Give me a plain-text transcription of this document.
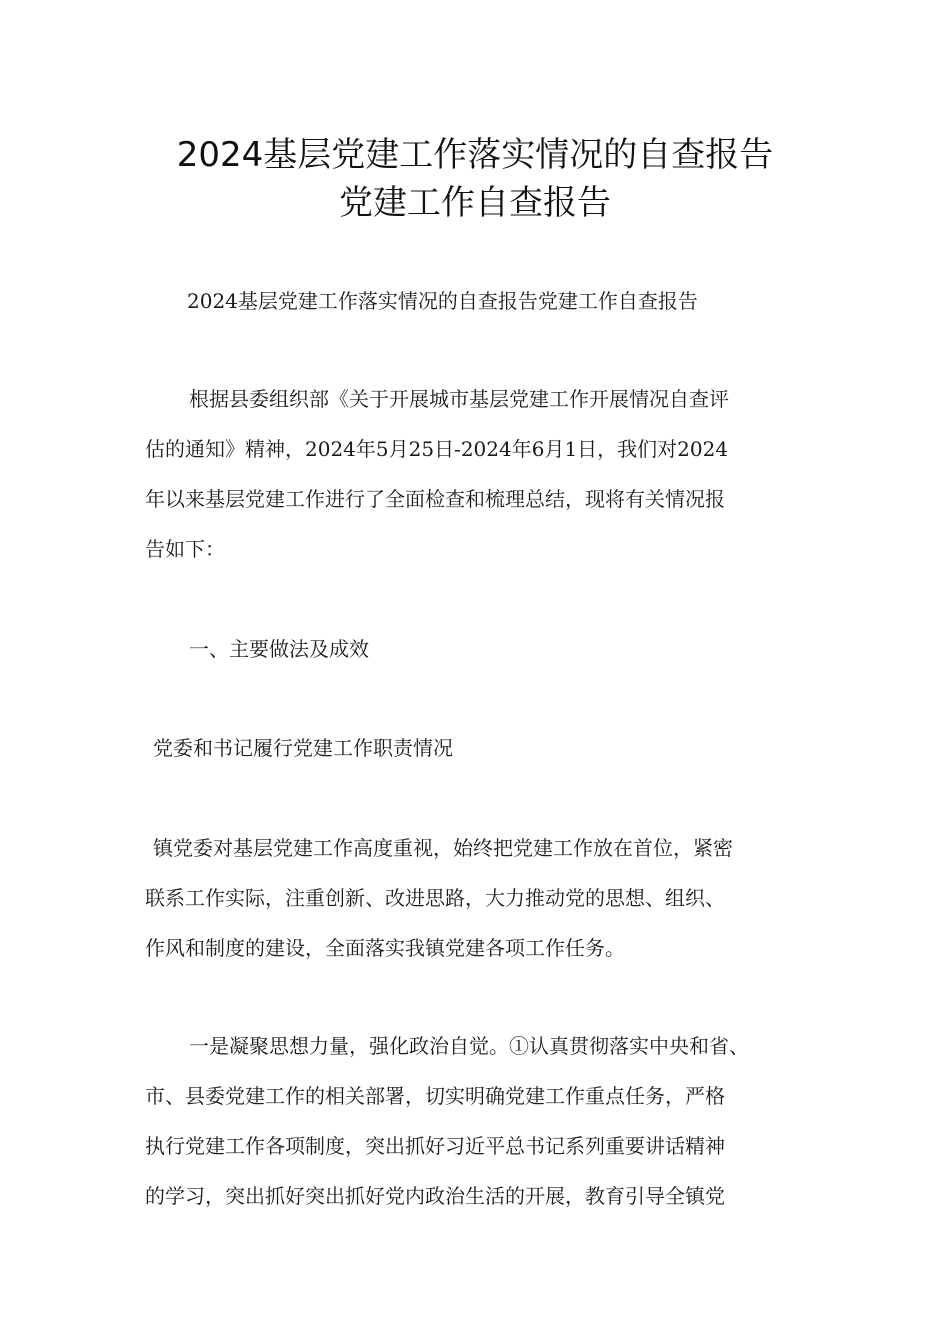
2024基层党建工作落实情况的自查报告
党建工作自查报告
2024基层党建工作落实情况的自查报告党建工作自查报告
根据县委组织部《关于开展城市基层党建工作开展情况自查评
估的通知》精神，2024年5月25日-2024年6月1日，我们对2024
年以来基层党建工作进行了全面检查和梳理总结，现将有关情况报
告如下：
一、主要做法及成效
党委和书记履行党建工作职责情况
镇党委对基层党建工作高度重视，始终把党建工作放在首位，紧密
联系工作实际，注重创新、改进思路，大力推动党的思想、组织、
作风和制度的建设，全面落实我镇党建各项工作任务。
一是凝聚思想力量，强化政治自觉。①认真贯彻落实中央和省、
市、县委党建工作的相关部署，切实明确党建工作重点任务，严格
执行党建工作各项制度，突出抓好习近平总书记系列重要讲话精神
的学习，突出抓好突出抓好党内政治生活的开展，教育引导全镇党
